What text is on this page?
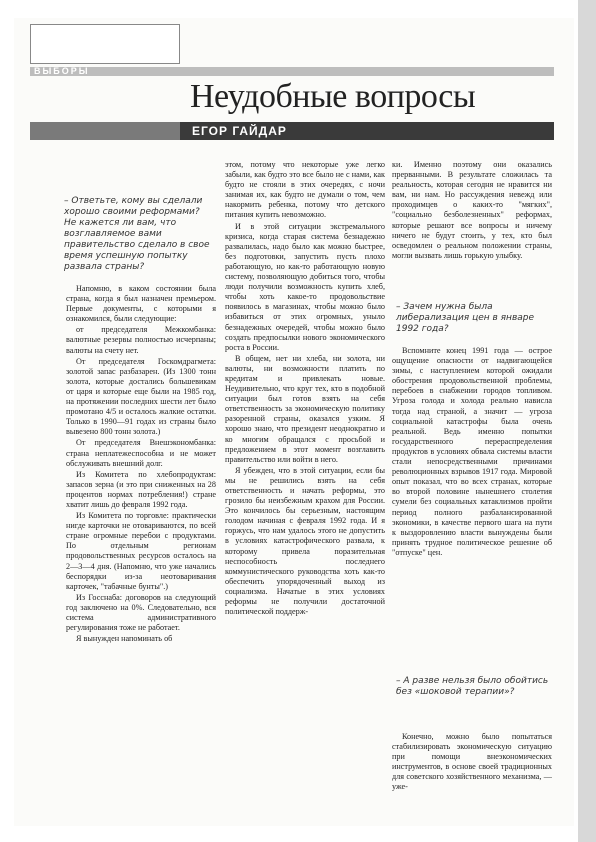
ВЫБОРЫ
Неудобные вопросы
ЕГОР ГАЙДАР
– Ответьте, кому вы сделали хорошо своими реформами? Не кажется ли вам, что возглавляемое вами правительство сделало в свое время успешную попытку развала страны?

Напомню, в каком состоянии была страна, когда я был назначен премьером. Первые документы, с которыми я ознакомился, были следующие:

от председателя Межкомбанка: валютные резервы полностью исчерпаны; валюты на счету нет.

От председателя Госкомдрагмета: золотой запас разбазарен. (Из 1300 тонн золота, которые достались большевикам от царя и которые еще были на 1985 год, на протяжении последних шести лет было промотано 4/5 и осталось жалкие остатки. Только в 1990—91 годах из страны было вывезено 800 тонн золота.)

От председателя Внешэкономбанка: страна неплатежеспособна и не может обслуживать внешний долг.

Из Комитета по хлебопродуктам: запасов зерна (и это при сниженных на 28 процентов нормах потребления!) стране хватит лишь до февраля 1992 года.

Из Комитета по торговле: практически нигде карточки не отовариваются, по всей стране огромные перебои с продуктами. По отдельным регионам продовольственных ресурсов осталось на 2—3—4 дня. (Напомню, что уже начались беспорядки из-за неотоваривания карточек, "табачные бунты".)

Из Госснаба: договоров на следующий год заключено на 0%. Следовательно, вся система административного регулирования тоже не работает.

Я вынужден напоминать об

этом, потому что некоторые уже легко забыли, как будто это все было не с нами, как будто не стояли в этих очередях, с ночи занимая их, как будто не думали о том, чем накормить ребенка, потому что детского питания купить невозможно.

И в этой ситуации экстремального кризиса, когда старая система безнадежно развалилась, надо было как можно быстрее, без подготовки, запустить пусть плохо работающую, но как-то работающую новую систему, позволяющую добиться того, чтобы люди получили возможность купить хлеб, чтобы хоть какое-то продовольствие появилось в магазинах, чтобы можно было избавиться от этих огромных, унылo безнадежных очередей, чтобы можно было создать предпосылки нового экономического роста в России.

В общем, нет ни хлеба, ни золота, ни валюты, ни возможности платить по кредитам и привлекать новые. Неудивительно, что круг тех, кто в подобной ситуации был готов взять на себя ответственность за экономическую политику разоренной страны, оказался узким. Я хорошо знаю, что президент неоднократно и ко многим обращался с просьбой и предложением в этот момент возглавить правительство или войти в него.

Я убежден, что в этой ситуации, если бы мы не решились взять на себя ответственность и начать реформы, это грозило бы неизбежным крахом для России. Это кончилось бы серьезным, настоящим голодом начиная с февраля 1992 года. И я горжусь, что нам удалось этого не допустить в условиях катастрофического развала, к которому привела поразительная неспособность последнего коммунистического руководства хоть как-то обеспечить упорядоченный выход из социализма. Начатые в этих условиях реформы не получили достаточной политической поддерж-

ки. Именно поэтому они оказались прерванными. В результате сложилась та реальность, которая сегодня не нравится ни вам, ни нам. Но рассуждения невежд или проходимцев о каких-то "мягких", "социально безболезненных" реформах, которые решают все вопросы и ничему ничего не будут стоить, у тех, кто был осведомлен о реальном положении страны, могли вызвать лишь горькую улыбку.

– Зачем нужна была либерализация цен в январе 1992 года?

Вспомните конец 1991 года — острое ощущение опасности от надвигающейся зимы, с наступлением которой ожидали обострения продовольственной проблемы, перебоев в снабжении городов топливом. Угроза голода и холода реально нависла тогда над страной, а значит — угроза социальной катастрофы была очень реальной. Ведь именно попытки государственного перераспределения продуктов в условиях обвала системы власти стали непосредственными причинами революционных взрывов 1917 года. Мировой опыт показал, что во всех странах, которые во второй половине нынешнего столетия сумели без социальных катаклизмов пройти период полного разбалансированной экономики, в качестве первого шага на пути к выздоровлению власти вынуждены были принять трудное политическое решение об "отпуске" цен.

– А разве нельзя было обойтись без «шоковой терапии»?

Конечно, можно было попытаться стабилизировать экономическую ситуацию при помощи внеэкономических инструментов, в основе своей традиционных для советского хозяйственного механизма, — уже-
